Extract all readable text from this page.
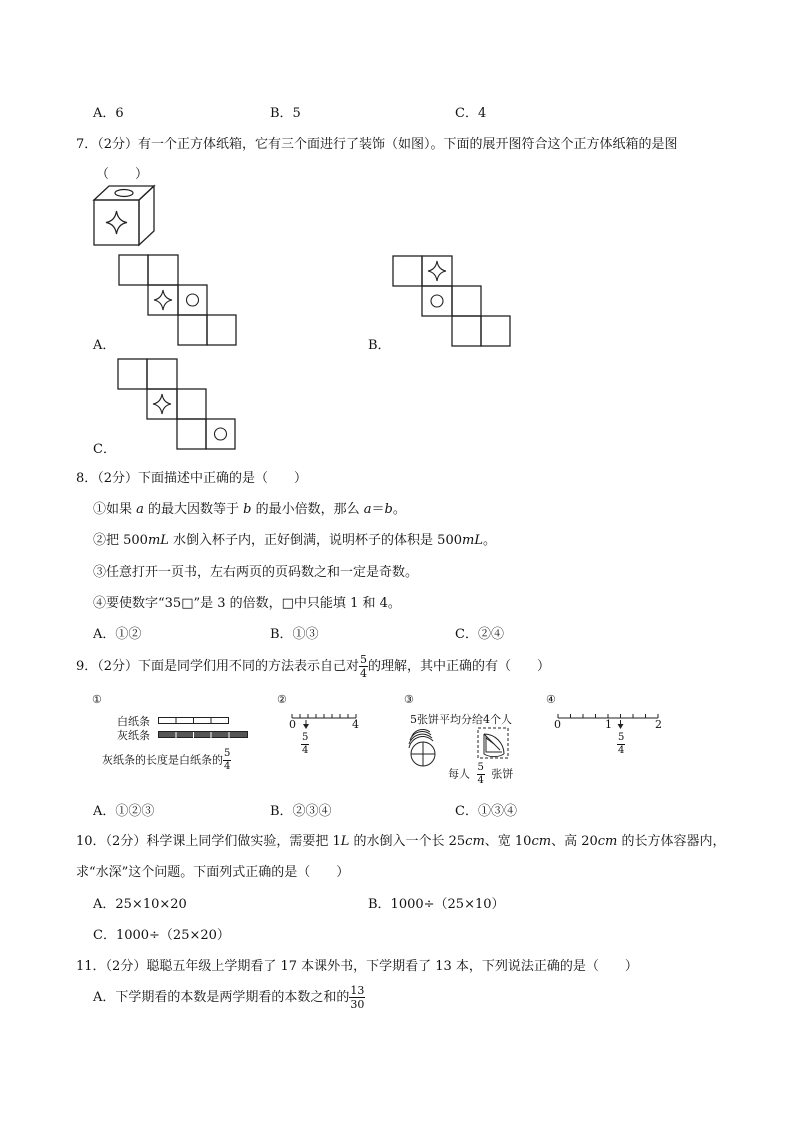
A．6	B．5	C．4
7．（2分）有一个正方体纸箱，它有三个面进行了装饰（如图）。下面的展开图符合这个正方体纸箱的是图
（　　）
A．	B．
C．
8．（2分）下面描述中正确的是（　　）
①如果 a 的最大因数等于 b 的最小倍数，那么 a＝b。
②把 500mL 水倒入杯子内，正好倒满，说明杯子的体积是 500mL。
③任意打开一页书，左右两页的页码数之和一定是奇数。
④要使数字“35□”是 3 的倍数，□中只能填 1 和 4。
A．①②	B．①③	C．②④
9．（2分）下面是同学们用不同的方法表示自己对 $\frac{5}{4}$ 的理解，其中正确的有（　　）
①
白纸条
灰纸条
灰纸条的长度是白纸条的 $\frac{5}{4}$
②
0	4
$\frac{5}{4}$
③
5张饼平均分给4个人
每人 $\frac{5}{4}$ 张饼
④
0	1	2
$\frac{5}{4}$
A．①②③	B．②③④	C．①③④
10．（2分）科学课上同学们做实验，需要把 1L 的水倒入一个长 25cm、宽 10cm、高 20cm 的长方体容器内，
求“水深”这个问题。下面列式正确的是（　　）
A．25×10×20	B．1000÷（25×10）
C．1000÷（25×20）
11．（2分）聪聪五年级上学期看了 17 本课外书，下学期看了 13 本，下列说法正确的是（　　）
A．下学期看的本数是两学期看的本数之和的 $\frac{13}{30}$
